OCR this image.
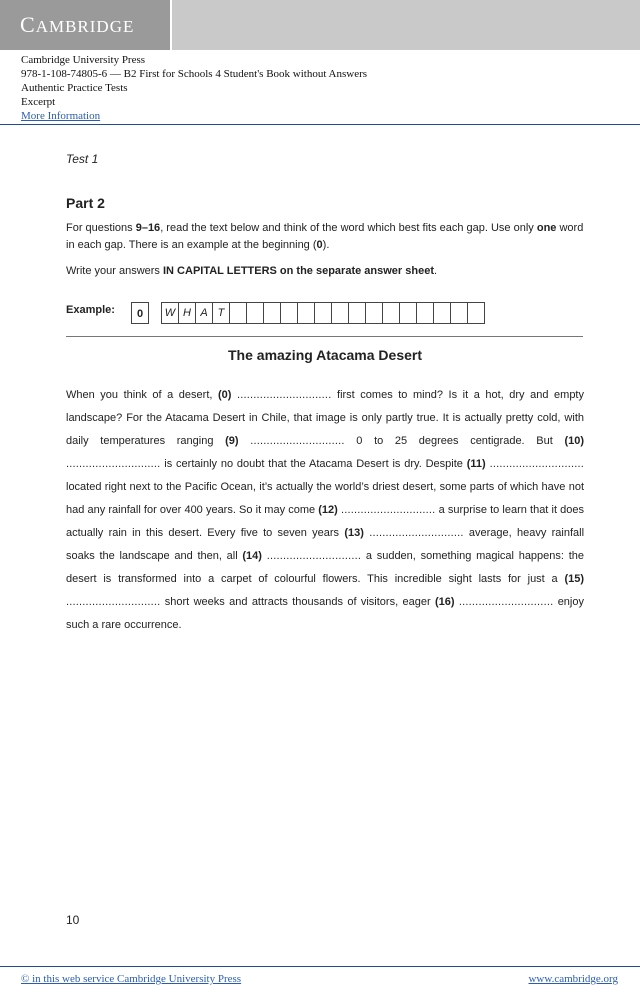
CAMBRIDGE
Cambridge University Press
978-1-108-74805-6 — B2 First for Schools 4 Student's Book without Answers
Authentic Practice Tests
Excerpt
More Information
Test 1
Part 2
For questions 9–16, read the text below and think of the word which best fits each gap. Use only one word in each gap. There is an example at the beginning (0).
Write your answers IN CAPITAL LETTERS on the separate answer sheet.
Example:	0	W H A T
The amazing Atacama Desert
When you think of a desert, (0) ............................. first comes to mind? Is it a hot, dry and empty landscape? For the Atacama Desert in Chile, that image is only partly true. It is actually pretty cold, with daily temperatures ranging (9) ............................. 0 to 25 degrees centigrade. But (10) ............................. is certainly no doubt that the Atacama Desert is dry. Despite (11) ............................. located right next to the Pacific Ocean, it’s actually the world’s driest desert, some parts of which have not had any rainfall for over 400 years. So it may come (12) ............................. a surprise to learn that it does actually rain in this desert. Every five to seven years (13) ............................. average, heavy rainfall soaks the landscape and then, all (14) ............................. a sudden, something magical happens: the desert is transformed into a carpet of colourful flowers. This incredible sight lasts for just a (15) ............................. short weeks and attracts thousands of visitors, eager (16) ............................. enjoy such a rare occurrence.
10
© in this web service Cambridge University Press	www.cambridge.org
